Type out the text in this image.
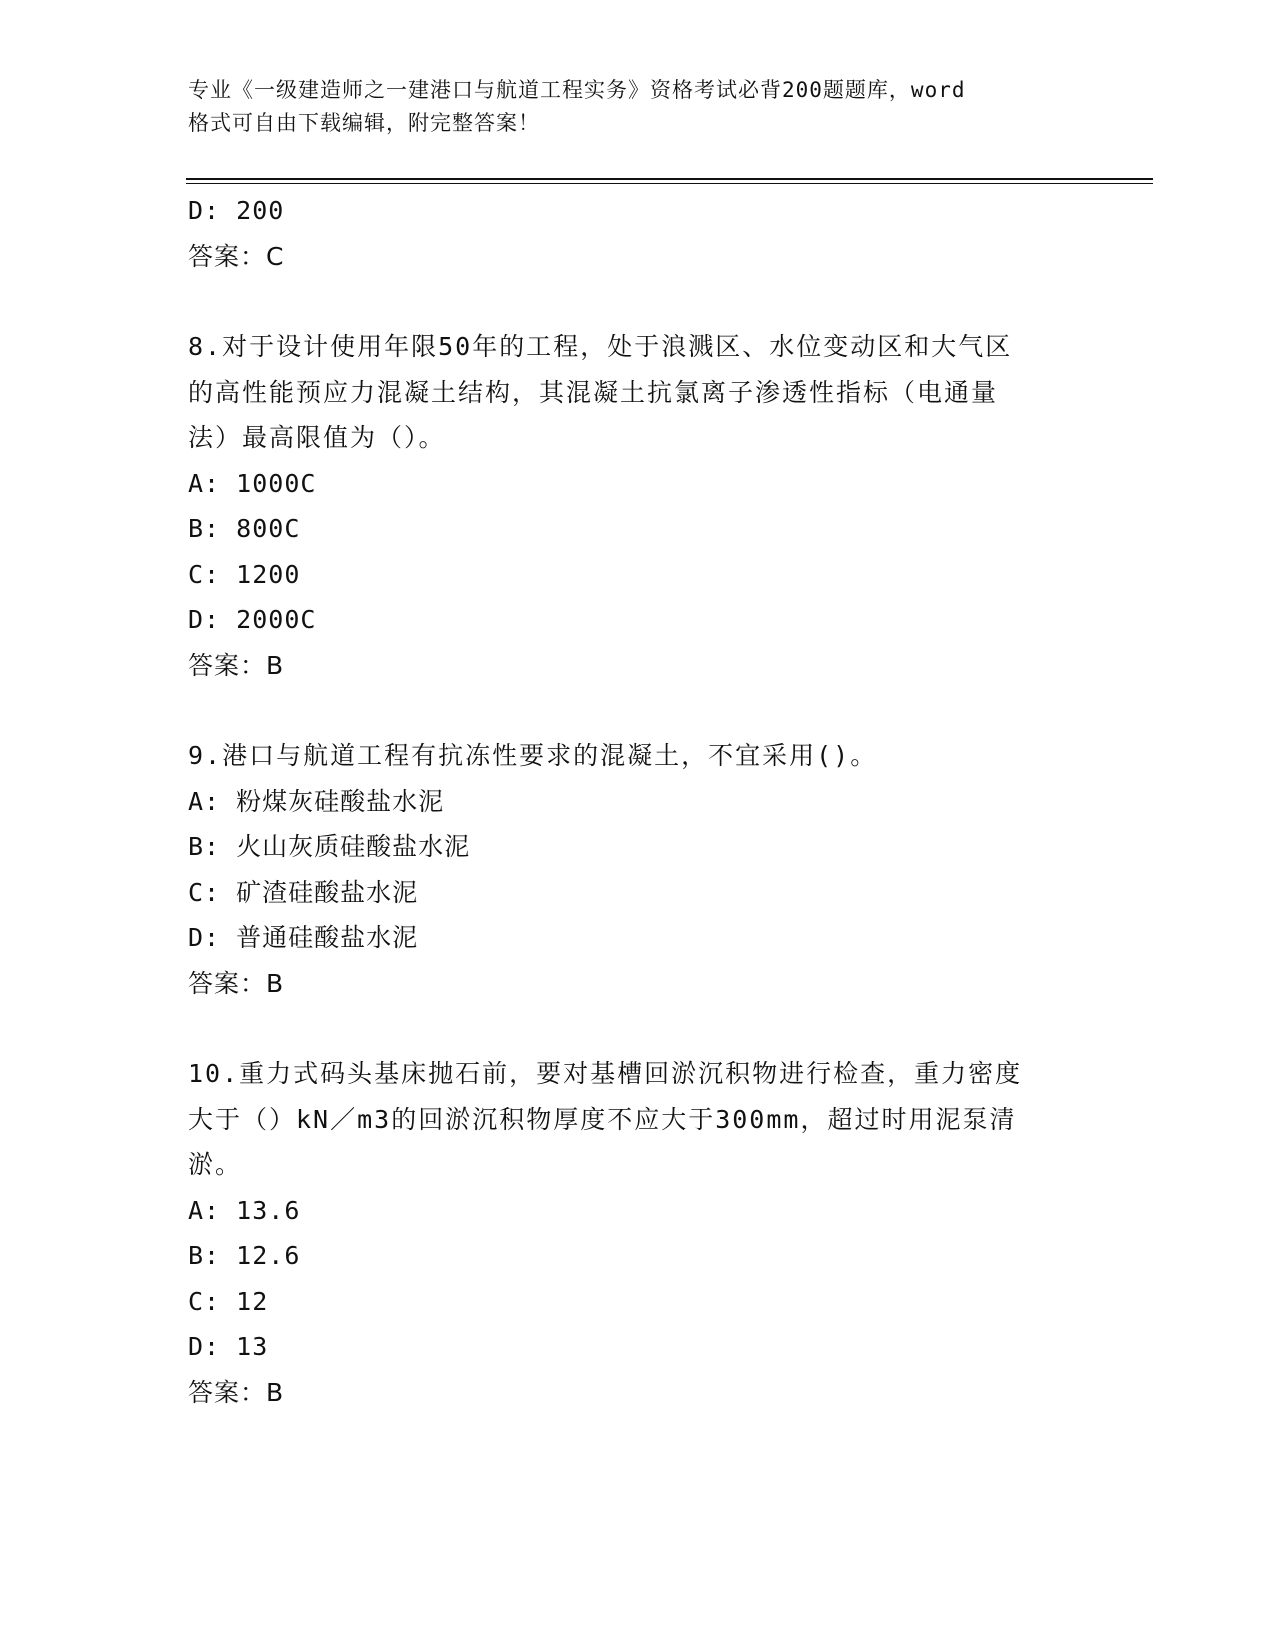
专业《一级建造师之一建港口与航道工程实务》资格考试必背200题题库，word
格式可自由下载编辑，附完整答案！
D: 200
答案：C
8.对于设计使用年限50年的工程，处于浪溅区、水位变动区和大气区
的高性能预应力混凝土结构，其混凝土抗氯离子渗透性指标（电通量
法）最高限值为（）。
A: 1000C
B: 800C
C: 1200
D: 2000C
答案：B
9.港口与航道工程有抗冻性要求的混凝土，不宜采用()。
A: 粉煤灰硅酸盐水泥
B: 火山灰质硅酸盐水泥
C: 矿渣硅酸盐水泥
D: 普通硅酸盐水泥
答案：B
10.重力式码头基床抛石前，要对基槽回淤沉积物进行检查，重力密度
大于（）kN／m3的回淤沉积物厚度不应大于300mm，超过时用泥泵清
淤。
A: 13.6
B: 12.6
C: 12
D: 13
答案：B
